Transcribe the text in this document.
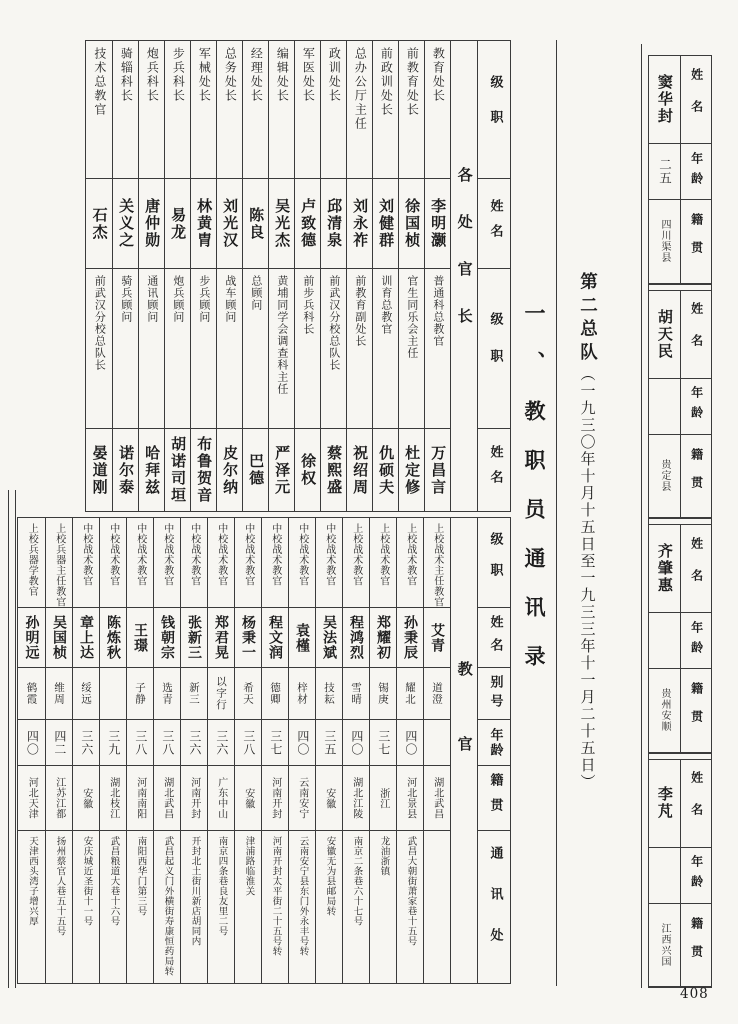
级职
姓名
级职
姓名
各处官长
教育处长
李明灏
普通科总教官
万昌言
前教育处长
徐国桢
官生同乐会主任
杜定修
前政训处长
刘健群
训育总教官
仇硕夫
总办公厅主任
刘永祚
前教育副处长
祝绍周
政训处长
邱清泉
前武汉分校总队长
蔡熙盛
军医处长
卢致德
前步兵科长
徐权
编辑处长
吴光杰
黄埔同学会调查科主任
严泽元
经理处长
陈良
总顾问
巴德
总务处长
刘光汉
战车顾问
皮尔纳
军械处长
林黄胄
步兵顾问
布鲁贺音
步兵科长
易龙
炮兵顾问
胡诺司垣
炮兵科长
唐仲勋
通讯顾问
哈拜兹
骑辎科长
关义之
骑兵顾问
诺尔泰
技术总教官
石杰
前武汉分校总队长
晏道刚
级职
姓名
别号
年龄
籍贯
通讯处
教官
上校战术主任教官
艾青
道澄
湖北武昌
上校战术教官
孙秉辰
耀北
四〇
河北景县
武昌大朝街萧家巷十五号
上校战术教官
郑耀初
锡庚
三七
浙江
龙油浙镇
上校战术教官
程鸿烈
雪晴
四〇
湖北江陵
南京二条巷六十七号
中校战术教官
吴法斌
技耘
三五
安徽
安徽无为县邮局转
中校战术教官
袁槿
梓材
四〇
云南安宁
云南安宁县东门外永丰号转
中校战术教官
程文润
德卿
三七
河南开封
河南开封太平街二十五号转
中校战术教官
杨秉一
希天
三八
安徽
津浦路临淮关
中校战术教官
郑君晃
以字行
三六
广东中山
南京四条巷良友里二号
中校战术教官
张新三
新三
三六
河南开封
开封北土街川新店胡同内
中校战术教官
钱朝宗
选青
三八
湖北武昌
武昌起义门外横街寿康恒药局转
中校战术教官
王璟
子静
三八
河南南阳
南阳西华门第三号
中校战术教官
陈炼秋
三九
湖北枝江
武昌粮道大巷十六号
中校战术教官
章上达
绥远
三六
安徽
安庆城近圣街十一号
上校兵器主任教官
吴国桢
维周
四二
江苏江都
扬州蔡官人巷五十五号
上校兵器学教官
孙明远
鹤霞
四〇
河北天津
天津西头湾子增兴厚
一、教职员通讯录 第二总队（一九三〇年十月十五日至一九三三年十一月二十五日）
姓名
年龄
籍贯
窦华封
二五
四川渠县
姓名
年龄
籍贯
胡天民
贵定县
姓名
年龄
籍贯
齐肇惠
贵州安顺
姓名
年龄
籍贯
李芃
江西兴国
408
